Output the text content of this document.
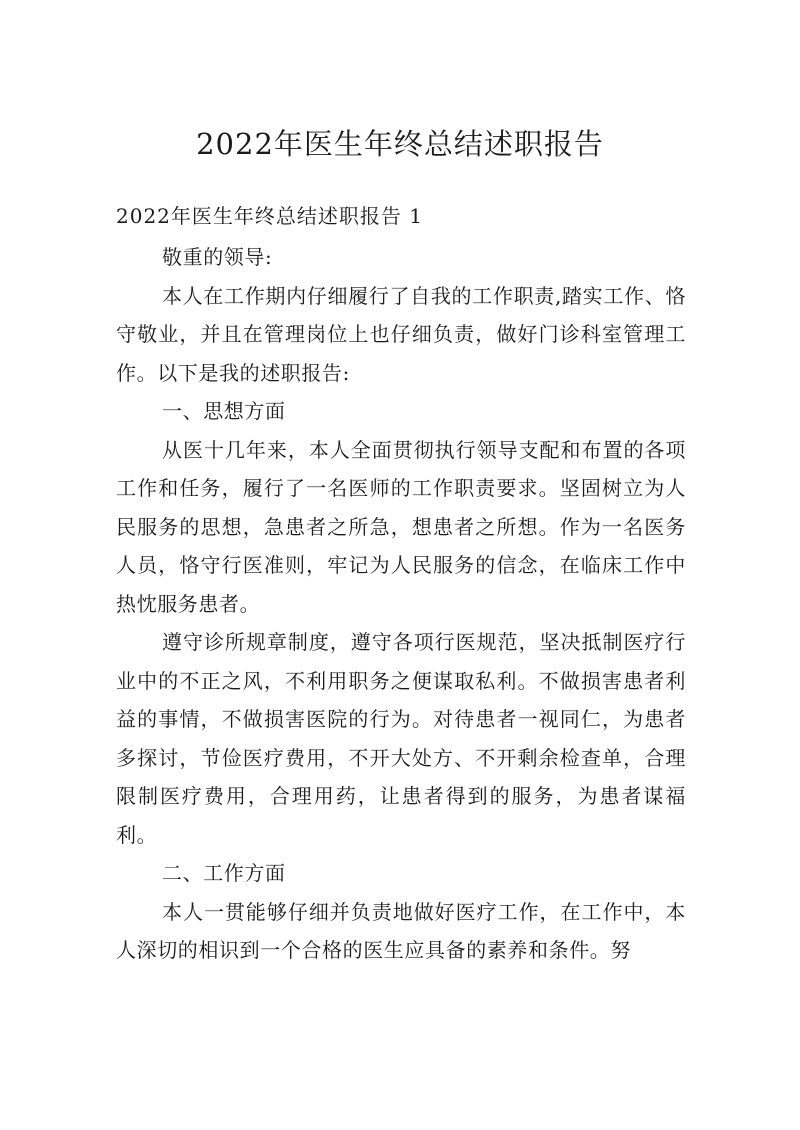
2022年医生年终总结述职报告
2022年医生年终总结述职报告 1

敬重的领导:

本人在工作期内仔细履行了自我的工作职责,踏实工作、恪守敬业，并且在管理岗位上也仔细负责，做好门诊科室管理工作。以下是我的述职报告:

一、思想方面

从医十几年来，本人全面贯彻执行领导支配和布置的各项工作和任务，履行了一名医师的工作职责要求。坚固树立为人民服务的思想，急患者之所急，想患者之所想。作为一名医务人员，恪守行医准则，牢记为人民服务的信念，在临床工作中热忱服务患者。

遵守诊所规章制度，遵守各项行医规范，坚决抵制医疗行业中的不正之风，不利用职务之便谋取私利。不做损害患者利益的事情，不做损害医院的行为。对待患者一视同仁，为患者多探讨，节俭医疗费用，不开大处方、不开剩余检查单，合理限制医疗费用，合理用药，让患者得到的服务，为患者谋福利。

二、工作方面

本人一贯能够仔细并负责地做好医疗工作，在工作中，本人深切的相识到一个合格的医生应具备的素养和条件。努
